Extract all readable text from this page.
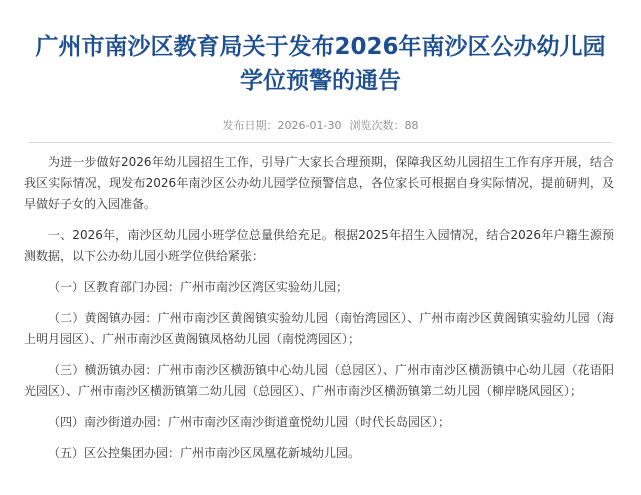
广州市南沙区教育局关于发布2026年南沙区公办幼儿园
学位预警的通告
发布日期：2026-01-30 浏览次数：88

为进一步做好2026年幼儿园招生工作，引导广大家长合理预期，保障我区幼儿园招生工作有序开展，结合我区实际情况，现发布2026年南沙区公办幼儿园学位预警信息，各位家长可根据自身实际情况，提前研判，及早做好子女的入园准备。

一、2026年，南沙区幼儿园小班学位总量供给充足。根据2025年招生入园情况，结合2026年户籍生源预测数据，以下公办幼儿园小班学位供给紧张：

（一）区教育部门办园：广州市南沙区湾区实验幼儿园；

（二）黄阁镇办园：广州市南沙区黄阁镇实验幼儿园（南怡湾园区）、广州市南沙区黄阁镇实验幼儿园（海上明月园区）、广州市南沙区黄阁镇凤格幼儿园（南悦湾园区）；

（三）横沥镇办园：广州市南沙区横沥镇中心幼儿园（总园区）、广州市南沙区横沥镇中心幼儿园（花语阳光园区）、广州市南沙区横沥镇第二幼儿园（总园区）、广州市南沙区横沥镇第二幼儿园（柳岸晓风园区）；

（四）南沙街道办园：广州市南沙区南沙街道童悦幼儿园（时代长岛园区）；

（五）区公控集团办园：广州市南沙区凤凰花新城幼儿园。
